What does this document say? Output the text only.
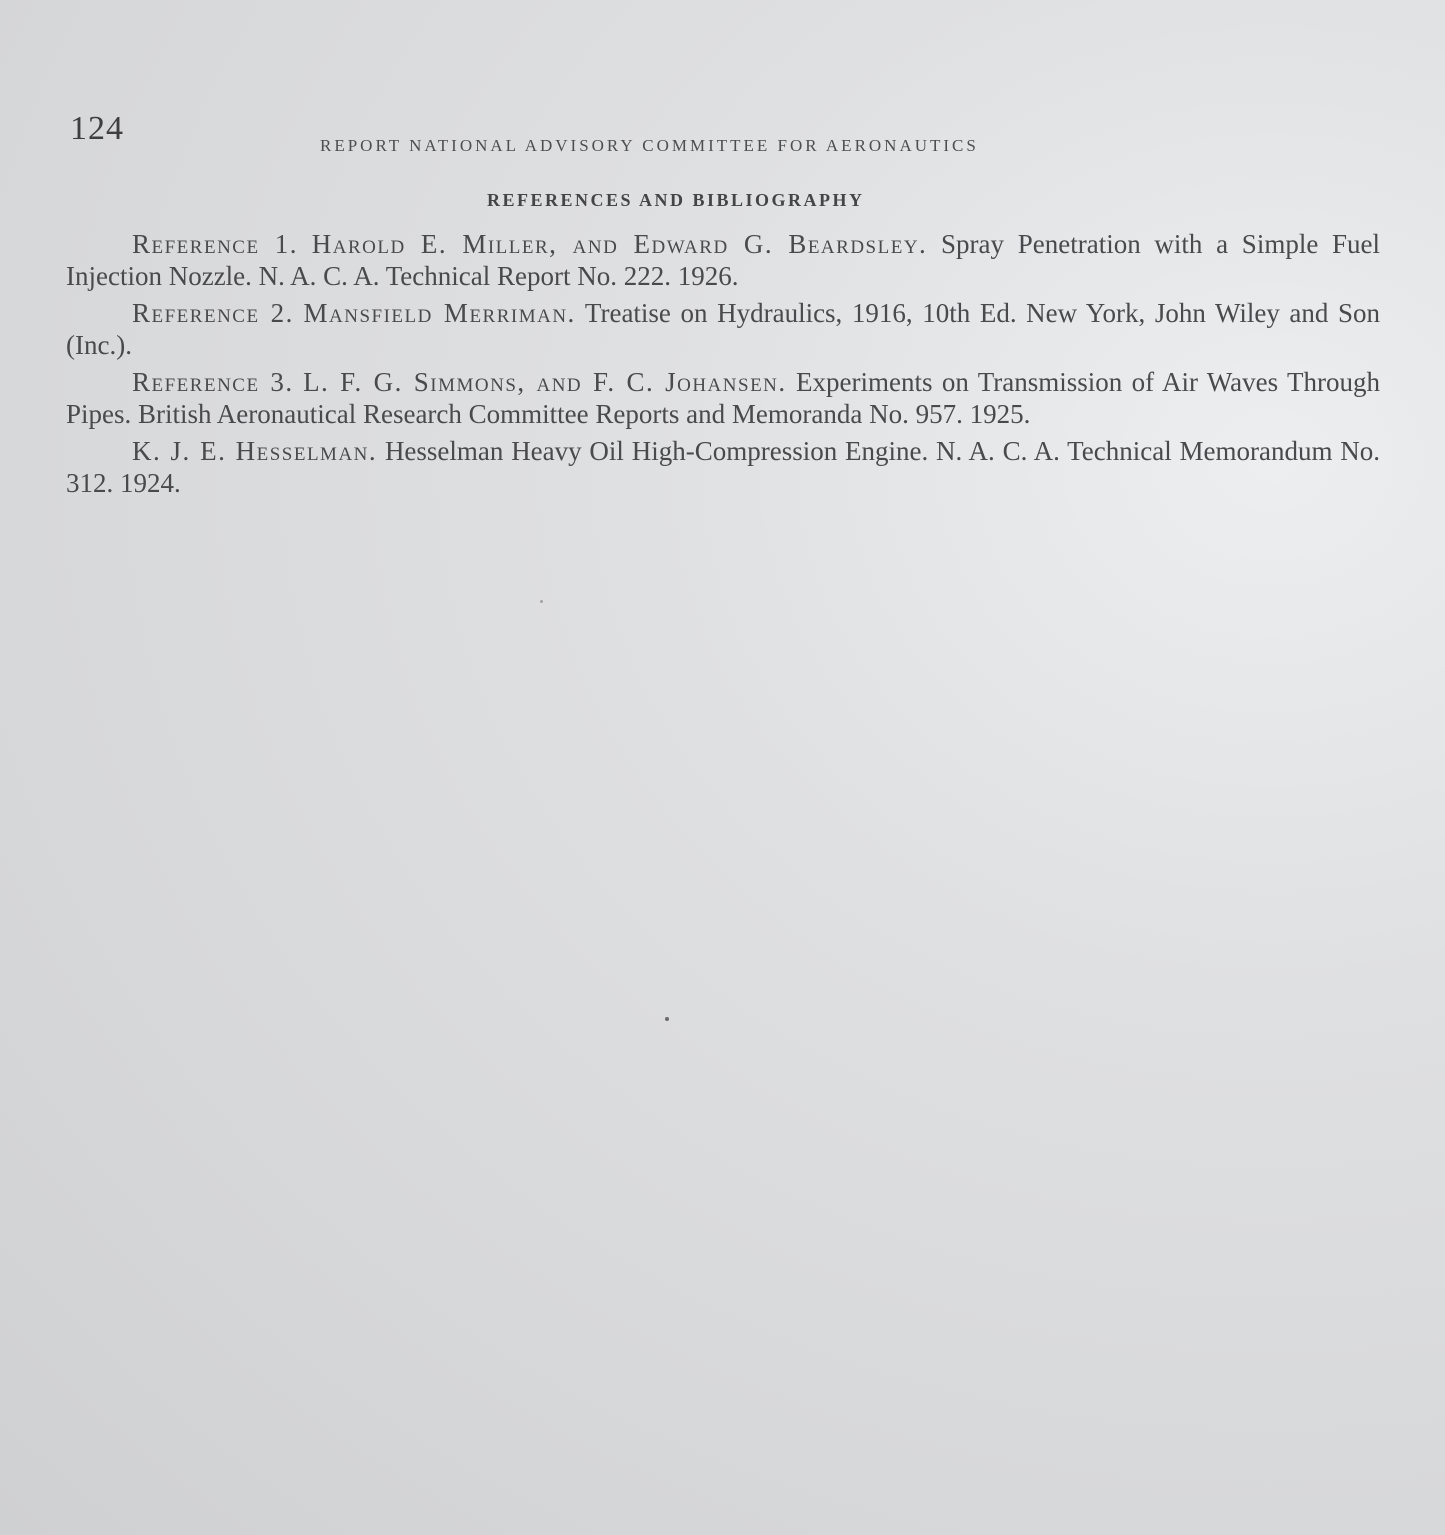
124	REPORT NATIONAL ADVISORY COMMITTEE FOR AERONAUTICS
REFERENCES AND BIBLIOGRAPHY

Reference 1. Harold E. Miller, and Edward G. Beardsley. Spray Penetration with a Simple Fuel Injection Nozzle. N. A. C. A. Technical Report No. 222. 1926.

Reference 2. Mansfield Merriman. Treatise on Hydraulics, 1916, 10th Ed. New York, John Wiley and Son (Inc.).

Reference 3. L. F. G. Simmons, and F. C. Johansen. Experiments on Transmission of Air Waves Through Pipes. British Aeronautical Research Committee Reports and Memoranda No. 957. 1925.

K. J. E. Hesselman. Hesselman Heavy Oil High-Compression Engine. N. A. C. A. Technical Memorandum No. 312. 1924.
